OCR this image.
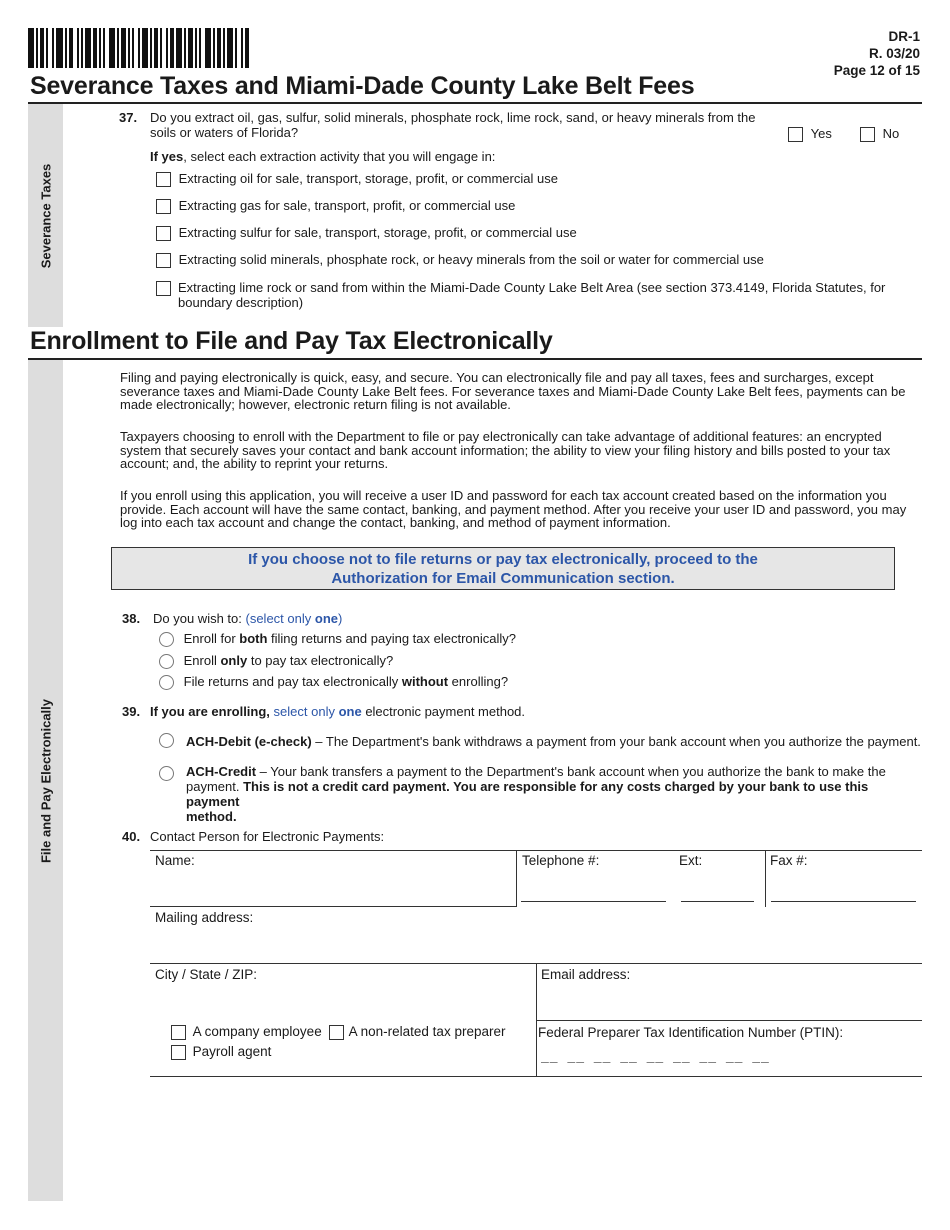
DR-1
R. 03/20
Page 12 of 15
Severance Taxes and Miami-Dade County Lake Belt Fees
Severance Taxes
37. Do you extract oil, gas, sulfur, solid minerals, phosphate rock, lime rock, sand, or heavy minerals from the
soils or waters of Florida?	Yes	No
If yes, select each extraction activity that you will engage in:
Extracting oil for sale, transport, storage, profit, or commercial use
Extracting gas for sale, transport, profit, or commercial use
Extracting sulfur for sale, transport, storage, profit, or commercial use
Extracting solid minerals, phosphate rock, or heavy minerals from the soil or water for commercial use
Extracting lime rock or sand from within the Miami-Dade County Lake Belt Area (see section 373.4149, Florida Statutes, for
boundary description)
Enrollment to File and Pay Tax Electronically
File and Pay Electronically
Filing and paying electronically is quick, easy, and secure. You can electronically file and pay all taxes, fees and surcharges, except
severance taxes and Miami-Dade County Lake Belt fees. For severance taxes and Miami-Dade County Lake Belt fees, payments can be
made electronically; however, electronic return filing is not available.
Taxpayers choosing to enroll with the Department to file or pay electronically can take advantage of additional features: an encrypted
system that securely saves your contact and bank account information; the ability to view your filing history and bills posted to your tax
account; and, the ability to reprint your returns.
If you enroll using this application, you will receive a user ID and password for each tax account created based on the information you
provide. Each account will have the same contact, banking, and payment method. After you receive your user ID and password, you may
log into each tax account and change the contact, banking, and method of payment information.
If you choose not to file returns or pay tax electronically, proceed to the
Authorization for Email Communication section.
38. Do you wish to: (select only one)
Enroll for both filing returns and paying tax electronically?
Enroll only to pay tax electronically?
File returns and pay tax electronically without enrolling?
39. If you are enrolling, select only one electronic payment method.
ACH-Debit (e-check) – The Department's bank withdraws a payment from your bank account when you authorize the payment.
ACH-Credit – Your bank transfers a payment to the Department's bank account when you authorize the bank to make the
payment. This is not a credit card payment. You are responsible for any costs charged by your bank to use this payment
method.
40. Contact Person for Electronic Payments:
Name:	Telephone #:	Ext:	Fax #:
Mailing address:
City / State / ZIP:	Email address:
A company employee	A non-related tax preparer
Payroll agent
Federal Preparer Tax Identification Number (PTIN):
__ __ __ __ __ __ __ __ __
